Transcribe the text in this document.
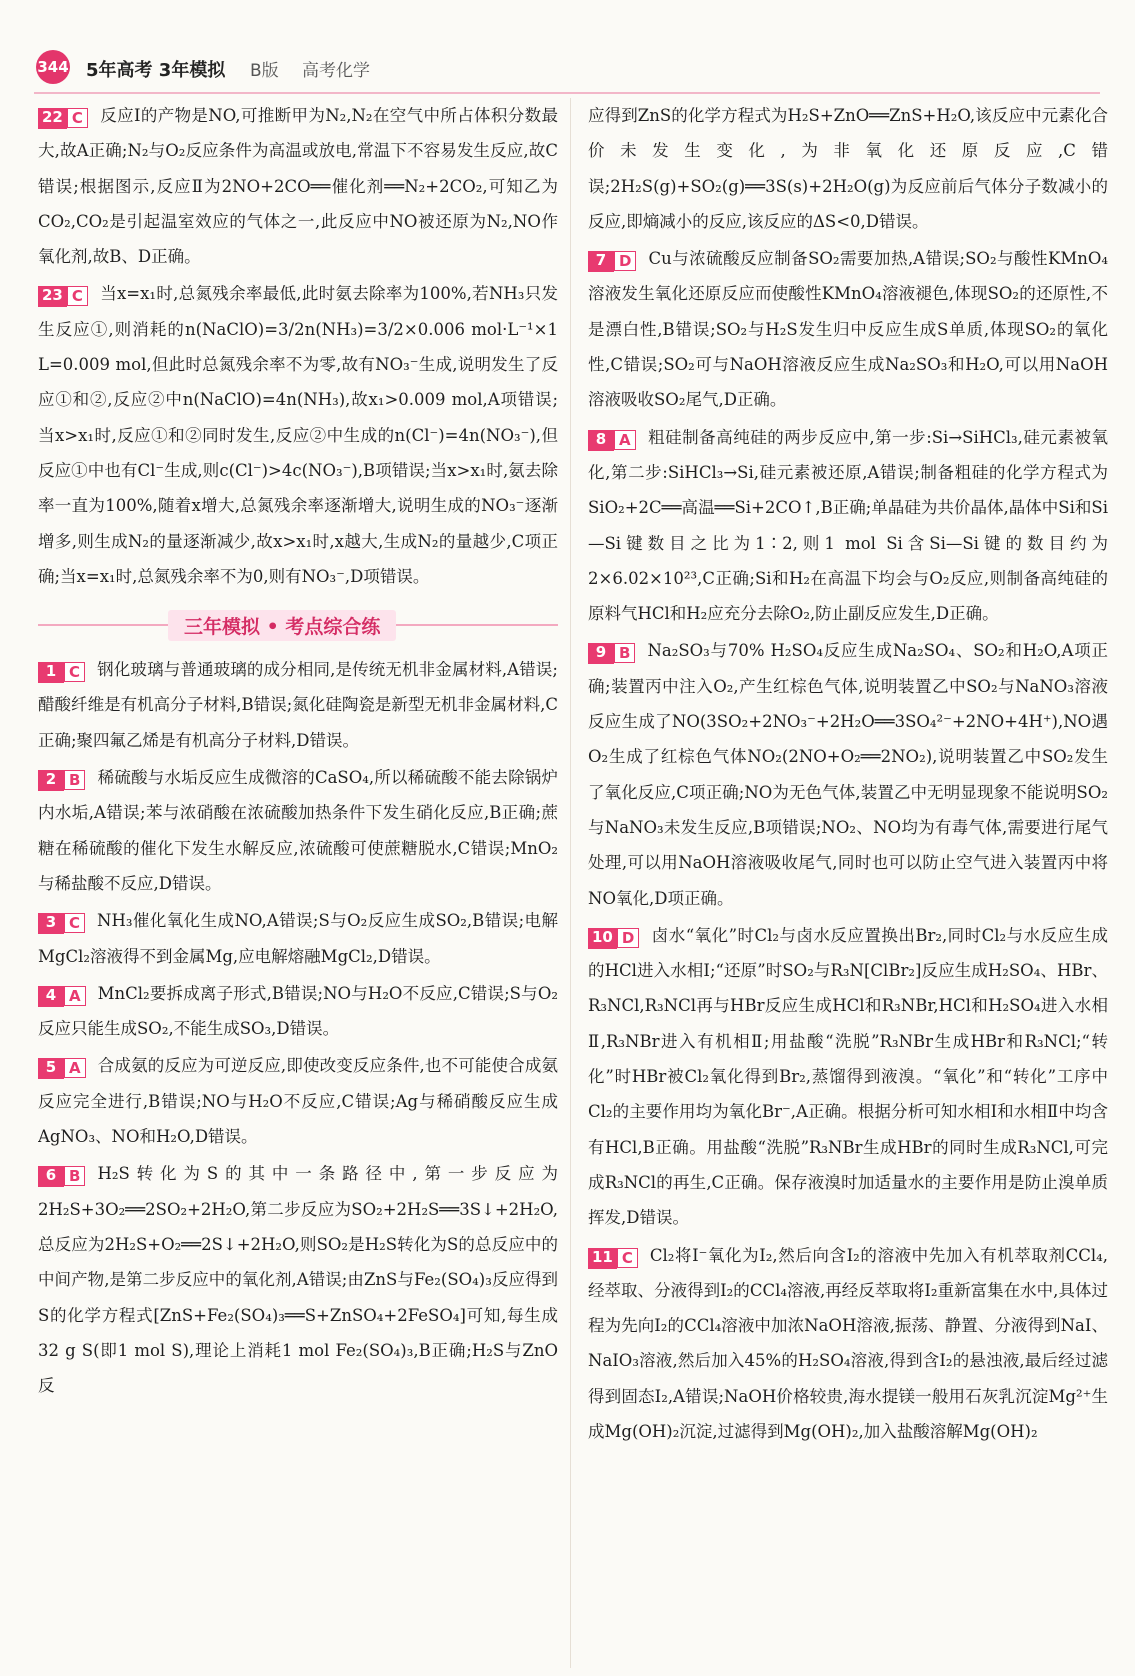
344 5年高考 3年模拟 B版 高考化学
22 C	反应Ⅰ的产物是NO,可推断甲为N₂,N₂在空气中所占体积分数最大,故A正确;N₂与O₂反应条件为高温或放电,常温下不容易发生反应,故C错误;根据图示,反应Ⅱ为2NO+2CO══催化剂══N₂+2CO₂,可知乙为CO₂,CO₂是引起温室效应的气体之一,此反应中NO被还原为N₂,NO作氧化剂,故B、D正确。
23 C	当x=x₁时,总氮残余率最低,此时氨去除率为100%,若NH₃只发生反应①,则消耗的n(NaClO)=3/2n(NH₃)=3/2×0.006 mol·L⁻¹×1 L=0.009 mol,但此时总氮残余率不为零,故有NO₃⁻生成,说明发生了反应①和②,反应②中n(NaClO)=4n(NH₃),故x₁>0.009 mol,A项错误;当x>x₁时,反应①和②同时发生,反应②中生成的n(Cl⁻)=4n(NO₃⁻),但反应①中也有Cl⁻生成,则c(Cl⁻)>4c(NO₃⁻),B项错误;当x>x₁时,氨去除率一直为100%,随着x增大,总氮残余率逐渐增大,说明生成的NO₃⁻逐渐增多,则生成N₂的量逐渐减少,故x>x₁时,x越大,生成N₂的量越少,C项正确;当x=x₁时,总氮残余率不为0,则有NO₃⁻,D项错误。
三年模拟 • 考点综合练
1 C	钢化玻璃与普通玻璃的成分相同,是传统无机非金属材料,A错误;醋酸纤维是有机高分子材料,B错误;氮化硅陶瓷是新型无机非金属材料,C正确;聚四氟乙烯是有机高分子材料,D错误。
2 B	稀硫酸与水垢反应生成微溶的CaSO₄,所以稀硫酸不能去除锅炉内水垢,A错误;苯与浓硝酸在浓硫酸加热条件下发生硝化反应,B正确;蔗糖在稀硫酸的催化下发生水解反应,浓硫酸可使蔗糖脱水,C错误;MnO₂与稀盐酸不反应,D错误。
3 C	NH₃催化氧化生成NO,A错误;S与O₂反应生成SO₂,B错误;电解MgCl₂溶液得不到金属Mg,应电解熔融MgCl₂,D错误。
4 A	MnCl₂要拆成离子形式,B错误;NO与H₂O不反应,C错误;S与O₂反应只能生成SO₂,不能生成SO₃,D错误。
5 A	合成氨的反应为可逆反应,即使改变反应条件,也不可能使合成氨反应完全进行,B错误;NO与H₂O不反应,C错误;Ag与稀硝酸反应生成AgNO₃、NO和H₂O,D错误。
6 B	H₂S转化为S的其中一条路径中,第一步反应为2H₂S+3O₂══2SO₂+2H₂O,第二步反应为SO₂+2H₂S══3S↓+2H₂O,总反应为2H₂S+O₂══2S↓+2H₂O,则SO₂是H₂S转化为S的总反应中的中间产物,是第二步反应中的氧化剂,A错误;由ZnS与Fe₂(SO₄)₃反应得到S的化学方程式[ZnS+Fe₂(SO₄)₃══S+ZnSO₄+2FeSO₄]可知,每生成32 g S(即1 mol S),理论上消耗1 mol Fe₂(SO₄)₃,B正确;H₂S与ZnO反
应得到ZnS的化学方程式为H₂S+ZnO══ZnS+H₂O,该反应中元素化合价未发生变化,为非氧化还原反应,C错误;2H₂S(g)+SO₂(g)══3S(s)+2H₂O(g)为反应前后气体分子数减小的反应,即熵减小的反应,该反应的ΔS<0,D错误。
7 D	Cu与浓硫酸反应制备SO₂需要加热,A错误;SO₂与酸性KMnO₄溶液发生氧化还原反应而使酸性KMnO₄溶液褪色,体现SO₂的还原性,不是漂白性,B错误;SO₂与H₂S发生归中反应生成S单质,体现SO₂的氧化性,C错误;SO₂可与NaOH溶液反应生成Na₂SO₃和H₂O,可以用NaOH溶液吸收SO₂尾气,D正确。
8 A	粗硅制备高纯硅的两步反应中,第一步:Si→SiHCl₃,硅元素被氧化,第二步:SiHCl₃→Si,硅元素被还原,A错误;制备粗硅的化学方程式为SiO₂+2C══高温══Si+2CO↑,B正确;单晶硅为共价晶体,晶体中Si和Si—Si键数目之比为1∶2,则1 mol Si含Si—Si键的数目约为2×6.02×10²³,C正确;Si和H₂在高温下均会与O₂反应,则制备高纯硅的原料气HCl和H₂应充分去除O₂,防止副反应发生,D正确。
9 B	Na₂SO₃与70% H₂SO₄反应生成Na₂SO₄、SO₂和H₂O,A项正确;装置丙中注入O₂,产生红棕色气体,说明装置乙中SO₂与NaNO₃溶液反应生成了NO(3SO₂+2NO₃⁻+2H₂O══3SO₄²⁻+2NO+4H⁺),NO遇O₂生成了红棕色气体NO₂(2NO+O₂══2NO₂),说明装置乙中SO₂发生了氧化反应,C项正确;NO为无色气体,装置乙中无明显现象不能说明SO₂与NaNO₃未发生反应,B项错误;NO₂、NO均为有毒气体,需要进行尾气处理,可以用NaOH溶液吸收尾气,同时也可以防止空气进入装置丙中将NO氧化,D项正确。
10 D	卤水“氧化”时Cl₂与卤水反应置换出Br₂,同时Cl₂与水反应生成的HCl进入水相Ⅰ;“还原”时SO₂与R₃N[ClBr₂]反应生成H₂SO₄、HBr、R₃NCl,R₃NCl再与HBr反应生成HCl和R₃NBr,HCl和H₂SO₄进入水相Ⅱ,R₃NBr进入有机相Ⅱ;用盐酸“洗脱”R₃NBr生成HBr和R₃NCl;“转化”时HBr被Cl₂氧化得到Br₂,蒸馏得到液溴。“氧化”和“转化”工序中Cl₂的主要作用均为氧化Br⁻,A正确。根据分析可知水相Ⅰ和水相Ⅱ中均含有HCl,B正确。用盐酸“洗脱”R₃NBr生成HBr的同时生成R₃NCl,可完成R₃NCl的再生,C正确。保存液溴时加适量水的主要作用是防止溴单质挥发,D错误。
11 C	Cl₂将I⁻氧化为I₂,然后向含I₂的溶液中先加入有机萃取剂CCl₄,经萃取、分液得到I₂的CCl₄溶液,再经反萃取将I₂重新富集在水中,具体过程为先向I₂的CCl₄溶液中加浓NaOH溶液,振荡、静置、分液得到NaI、NaIO₃溶液,然后加入45%的H₂SO₄溶液,得到含I₂的悬浊液,最后经过滤得到固态I₂,A错误;NaOH价格较贵,海水提镁一般用石灰乳沉淀Mg²⁺生成Mg(OH)₂沉淀,过滤得到Mg(OH)₂,加入盐酸溶解Mg(OH)₂
